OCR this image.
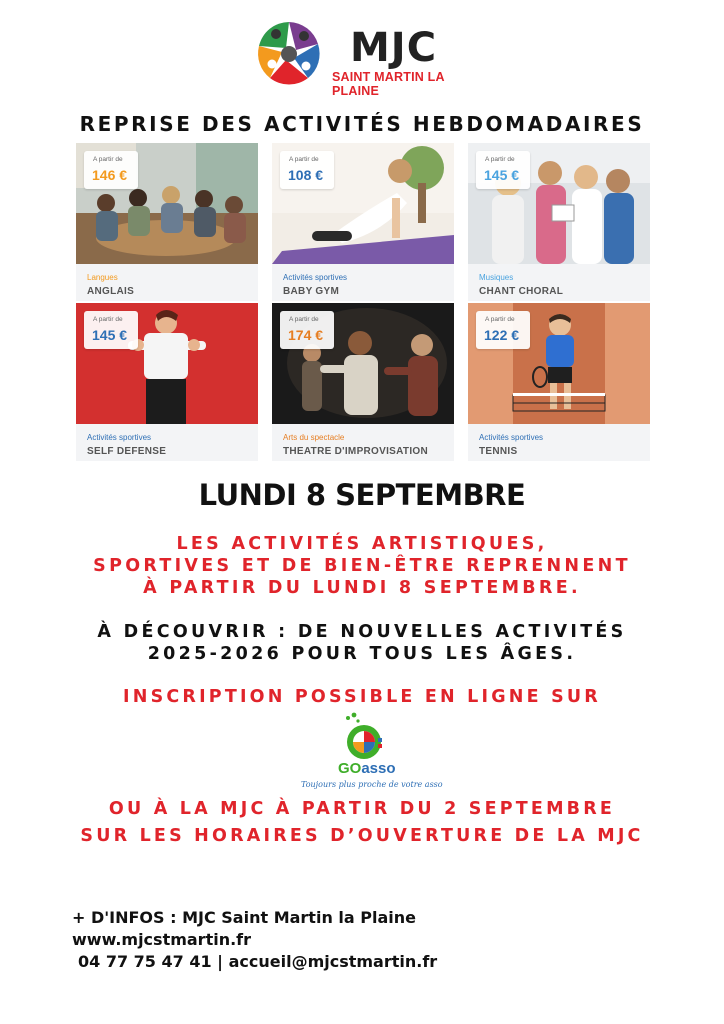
MJC
SAINT MARTIN LA PLAINE
REPRISE DES ACTIVITÉS HEBDOMADAIRES
A partir de
146 €
Langues
ANGLAIS
A partir de
108 €
Activités sportives
BABY GYM
A partir de
145 €
Musiques
CHANT CHORAL
A partir de
145 €
Activités sportives
SELF DEFENSE
A partir de
174 €
Arts du spectacle
THEATRE D'IMPROVISATION
A partir de
122 €
Activités sportives
TENNIS
LUNDI 8 SEPTEMBRE
LES ACTIVITÉS ARTISTIQUES,
SPORTIVES ET DE BIEN-ÊTRE REPRENNENT
À PARTIR DU LUNDI 8 SEPTEMBRE.
À DÉCOUVRIR : DE NOUVELLES ACTIVITÉS
2025-2026 POUR TOUS LES ÂGES.
INSCRIPTION POSSIBLE EN LIGNE SUR
GOasso
Toujours plus proche de votre asso
OU À LA MJC À PARTIR DU 2 SEPTEMBRE
SUR LES HORAIRES D’OUVERTURE DE LA MJC
+ D'INFOS : MJC Saint Martin la Plaine
www.mjcstmartin.fr
04 77 75 47 41 | accueil@mjcstmartin.fr
